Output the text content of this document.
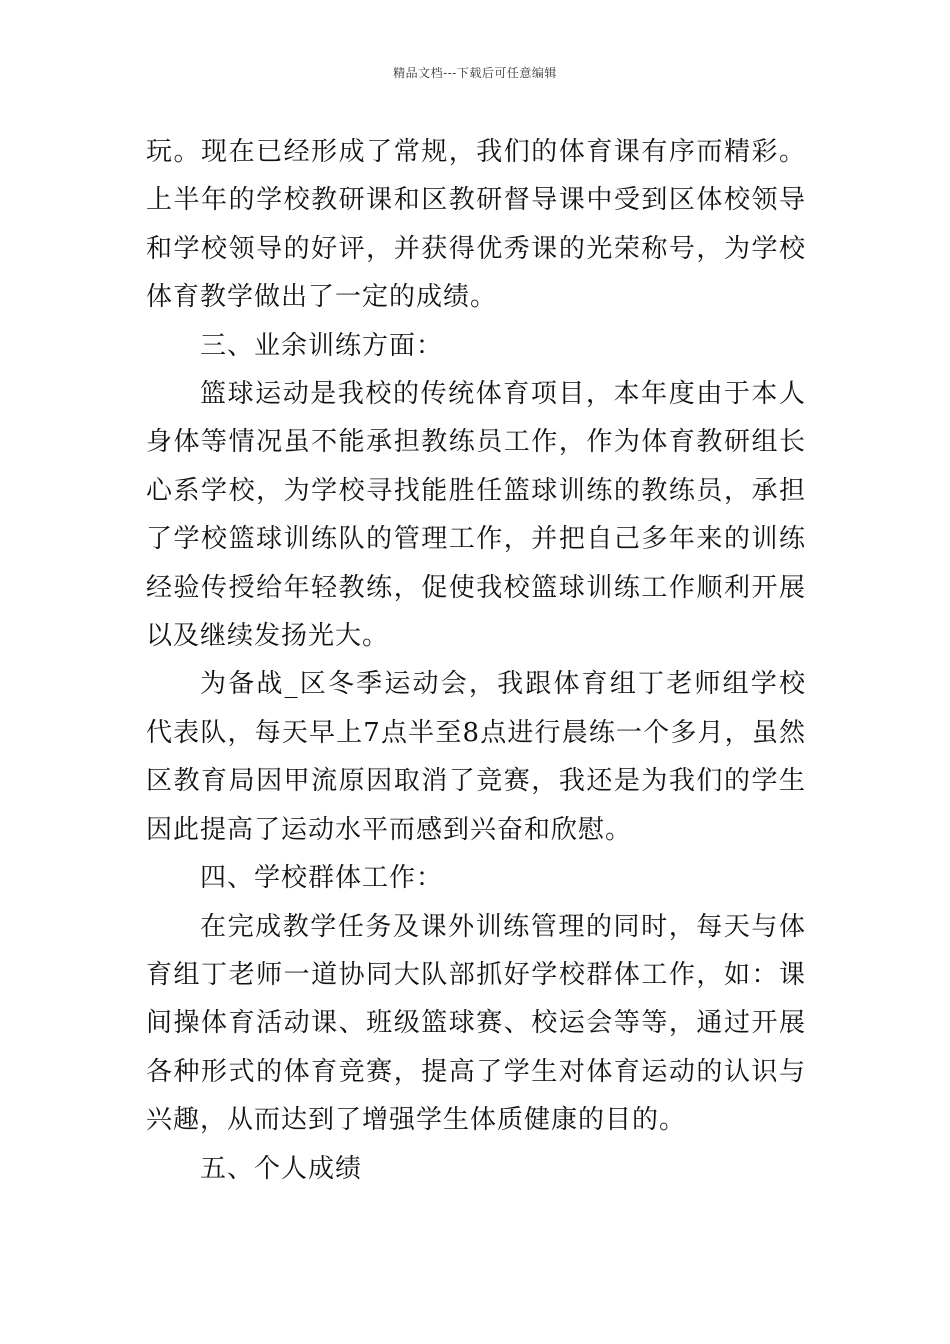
精品文档---下载后可任意编辑

玩。现在已经形成了常规，我们的体育课有序而精彩。上半年的学校教研课和区教研督导课中受到区体校领导和学校领导的好评，并获得优秀课的光荣称号，为学校体育教学做出了一定的成绩。

三、业余训练方面：

篮球运动是我校的传统体育项目，本年度由于本人身体等情况虽不能承担教练员工作，作为体育教研组长心系学校，为学校寻找能胜任篮球训练的教练员，承担了学校篮球训练队的管理工作，并把自己多年来的训练经验传授给年轻教练，促使我校篮球训练工作顺利开展以及继续发扬光大。

为备战_区冬季运动会，我跟体育组丁老师组学校代表队，每天早上7点半至8点进行晨练一个多月，虽然区教育局因甲流原因取消了竞赛，我还是为我们的学生因此提高了运动水平而感到兴奋和欣慰。

四、学校群体工作：

在完成教学任务及课外训练管理的同时，每天与体育组丁老师一道协同大队部抓好学校群体工作，如：课间操体育活动课、班级篮球赛、校运会等等，通过开展各种形式的体育竞赛，提高了学生对体育运动的认识与兴趣，从而达到了增强学生体质健康的目的。

五、个人成绩
